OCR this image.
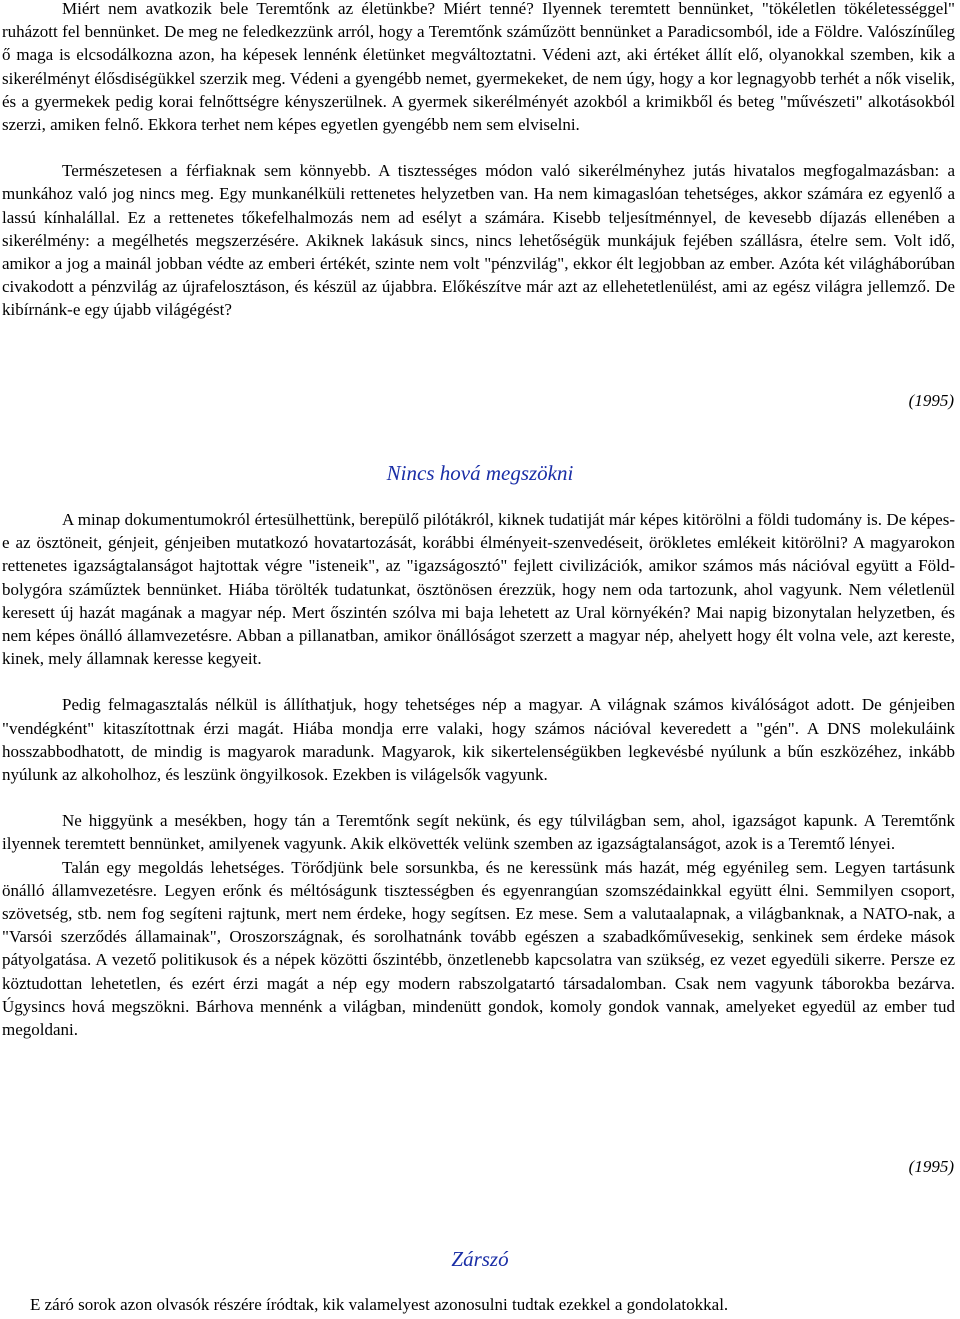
Miért nem avatkozik bele Teremtőnk az életünkbe? Miért tenné? Ilyennek teremtett bennünket, "tökéletlen tökéletességgel" ruházott fel bennünket. De meg ne feledkezzünk arról, hogy a Teremtőnk száműzött bennünket a Paradicsomból, ide a Földre. Valószínűleg ő maga is elcsodálkozna azon, ha képesek lennénk életünket megváltoztatni. Védeni azt, aki értéket állít elő, olyanokkal szemben, kik a sikerélményt élősdiségükkel szerzik meg. Védeni a gyengébb nemet, gyermekeket, de nem úgy, hogy a kor legnagyobb terhét a nők viselik, és a gyermekek pedig korai felnőttségre kényszerülnek. A gyermek sikerélményét azokból a krimikből és beteg "művészeti" alkotásokból szerzi, amiken felnő. Ekkora terhet nem képes egyetlen gyengébb nem sem elviselni.

Természetesen a férfiaknak sem könnyebb. A tisztességes módon való sikerélményhez jutás hivatalos megfogalmazásban: a munkához való jog nincs meg. Egy munkanélküli rettenetes helyzetben van. Ha nem kimagaslóan tehetséges, akkor számára ez egyenlő a lassú kínhalállal. Ez a rettenetes tőkefelhalmozás nem ad esélyt a számára. Kisebb teljesítménnyel, de kevesebb díjazás ellenében a sikerélmény: a megélhetés megszerzésére. Akiknek lakásuk sincs, nincs lehetőségük munkájuk fejében szállásra, ételre sem. Volt idő, amikor a jog a mainál jobban védte az emberi értékét, szinte nem volt "pénzvilág", ekkor élt legjobban az ember. Azóta két világháborúban civakodott a pénzvilág az újrafelosztáson, és készül az újabbra. Előkészítve már azt az ellehetetlenülést, ami az egész világra jellemző. De kibírnánk-e egy újabb világégést?

(1995)
Nincs hová megszökni

A minap dokumentumokról értesülhettünk, berepülő pilótákról, kiknek tudatiját már képes kitörölni a földi tudomány is. De képes-e az ösztöneit, génjeit, génjeiben mutatkozó hovatartozását, korábbi élményeit-szenvedéseit, örökletes emlékeit kitörölni? A magyarokon rettenetes igazságtalanságot hajtottak végre "isteneik", az "igazságosztó" fejlett civilizációk, amikor számos más nációval együtt a Föld-bolygóra száműztek bennünket. Hiába törölték tudatunkat, ösztönösen érezzük, hogy nem oda tartozunk, ahol vagyunk. Nem véletlenül keresett új hazát magának a magyar nép. Mert őszintén szólva mi baja lehetett az Ural környékén? Mai napig bizonytalan helyzetben, és nem képes önálló államvezetésre. Abban a pillanatban, amikor önállóságot szerzett a magyar nép, ahelyett hogy élt volna vele, azt kereste, kinek, mely államnak keresse kegyeit.

Pedig felmagasztalás nélkül is állíthatjuk, hogy tehetséges nép a magyar. A világnak számos kiválóságot adott. De génjeiben "vendégként" kitaszítottnak érzi magát. Hiába mondja erre valaki, hogy számos nációval keveredett a "gén". A DNS molekuláink hosszabbodhatott, de mindig is magyarok maradunk. Magyarok, kik sikertelenségükben legkevésbé nyúlunk a bűn eszközéhez, inkább nyúlunk az alkoholhoz, és leszünk öngyilkosok. Ezekben is világelsők vagyunk.

Ne higgyünk a mesékben, hogy tán a Teremtőnk segít nekünk, és egy túlvilágban sem, ahol, igazságot kapunk. A Teremtőnk ilyennek teremtett bennünket, amilyenek vagyunk. Akik elkövették velünk szemben az igazságtalanságot, azok is a Teremtő lényei.

Talán egy megoldás lehetséges. Törődjünk bele sorsunkba, és ne keressünk más hazát, még egyénileg sem. Legyen tartásunk önálló államvezetésre. Legyen erőnk és méltóságunk tisztességben és egyenrangúan szomszédainkkal együtt élni. Semmilyen csoport, szövetség, stb. nem fog segíteni rajtunk, mert nem érdeke, hogy segítsen. Ez mese. Sem a valutaalapnak, a világbanknak, a NATO-nak, a "Varsói szerződés államainak", Oroszországnak, és sorolhatnánk tovább egészen a szabadkőművesekig, senkinek sem érdeke mások pátyolgatása. A vezető politikusok és a népek közötti őszintébb, önzetlenebb kapcsolatra van szükség, ez vezet egyedüli sikerre. Persze ez köztudottan lehetetlen, és ezért érzi magát a nép egy modern rabszolgatartó társadalomban. Csak nem vagyunk táborokba bezárva. Úgysincs hová megszökni. Bárhova mennénk a világban, mindenütt gondok, komoly gondok vannak, amelyeket egyedül az ember tud megoldani.

(1995)
Zárszó
E záró sorok azon olvasók részére íródtak, kik valamelyest azonosulni tudtak ezekkel a gondolatokkal.
